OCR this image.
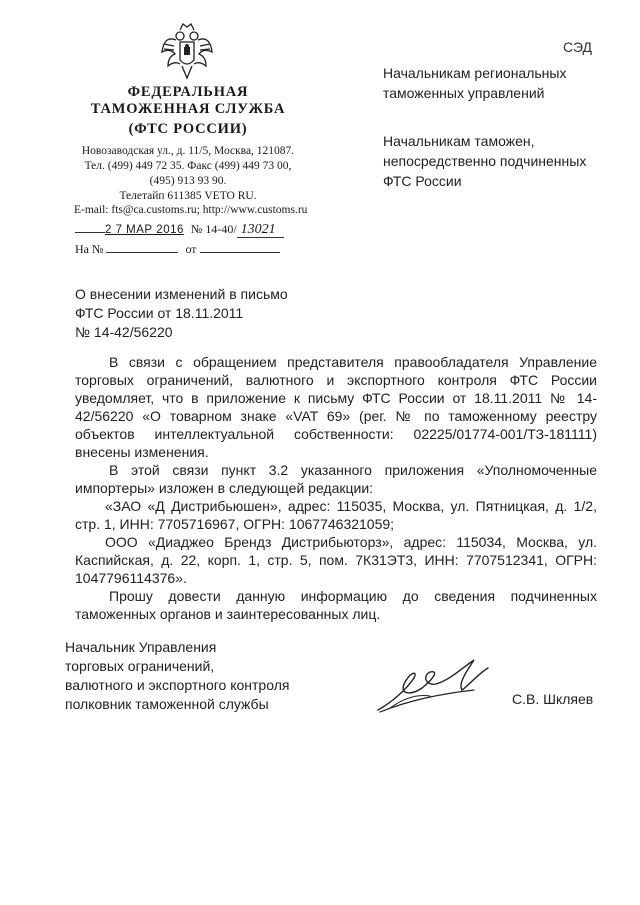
ФЕДЕРАЛЬНАЯ
ТАМОЖЕННАЯ СЛУЖБА
(ФТС РОССИИ)
Новозаводская ул., д. 11/5, Москва, 121087.
Тел. (499) 449 72 35. Факс (499) 449 73 00,
(495) 913 93 90.
Телетайп 611385 VETO RU.
E-mail: fts@ca.customs.ru; http://www.customs.ru
2 7 МАР 2016 № 14-40/ 13021
На №	от
СЭД
Начальникам региональных
таможенных управлений
Начальникам таможен,
непосредственно подчиненных
ФТС России
О внесении изменений в письмо
ФТС России от 18.11.2011
№ 14-42/56220

В связи с обращением представителя правообладателя Управление торговых ограничений, валютного и экспортного контроля ФТС России уведомляет, что в приложение к письму ФТС России от 18.11.2011 № 14-42/56220 «О товарном знаке «VAT 69» (рег. № по таможенному реестру объектов интеллектуальной собственности: 02225/01774-001/ТЗ-181111) внесены изменения.

В этой связи пункт 3.2 указанного приложения «Уполномоченные импортеры» изложен в следующей редакции:

«ЗАО «Д Дистрибьюшен», адрес: 115035, Москва, ул. Пятницкая, д. 1/2, стр. 1, ИНН: 7705716967, ОГРН: 1067746321059;

ООО «Диаджео Брендз Дистрибьюторз», адрес: 115034, Москва, ул. Каспийская, д. 22, корп. 1, стр. 5, пом. 7К31ЭТ3, ИНН: 7707512341, ОГРН: 1047796114376».

Прошу довести данную информацию до сведения подчиненных таможенных органов и заинтересованных лиц.

Начальник Управления
торговых ограничений,
валютного и экспортного контроля
полковник таможенной службы	С.В. Шкляев
